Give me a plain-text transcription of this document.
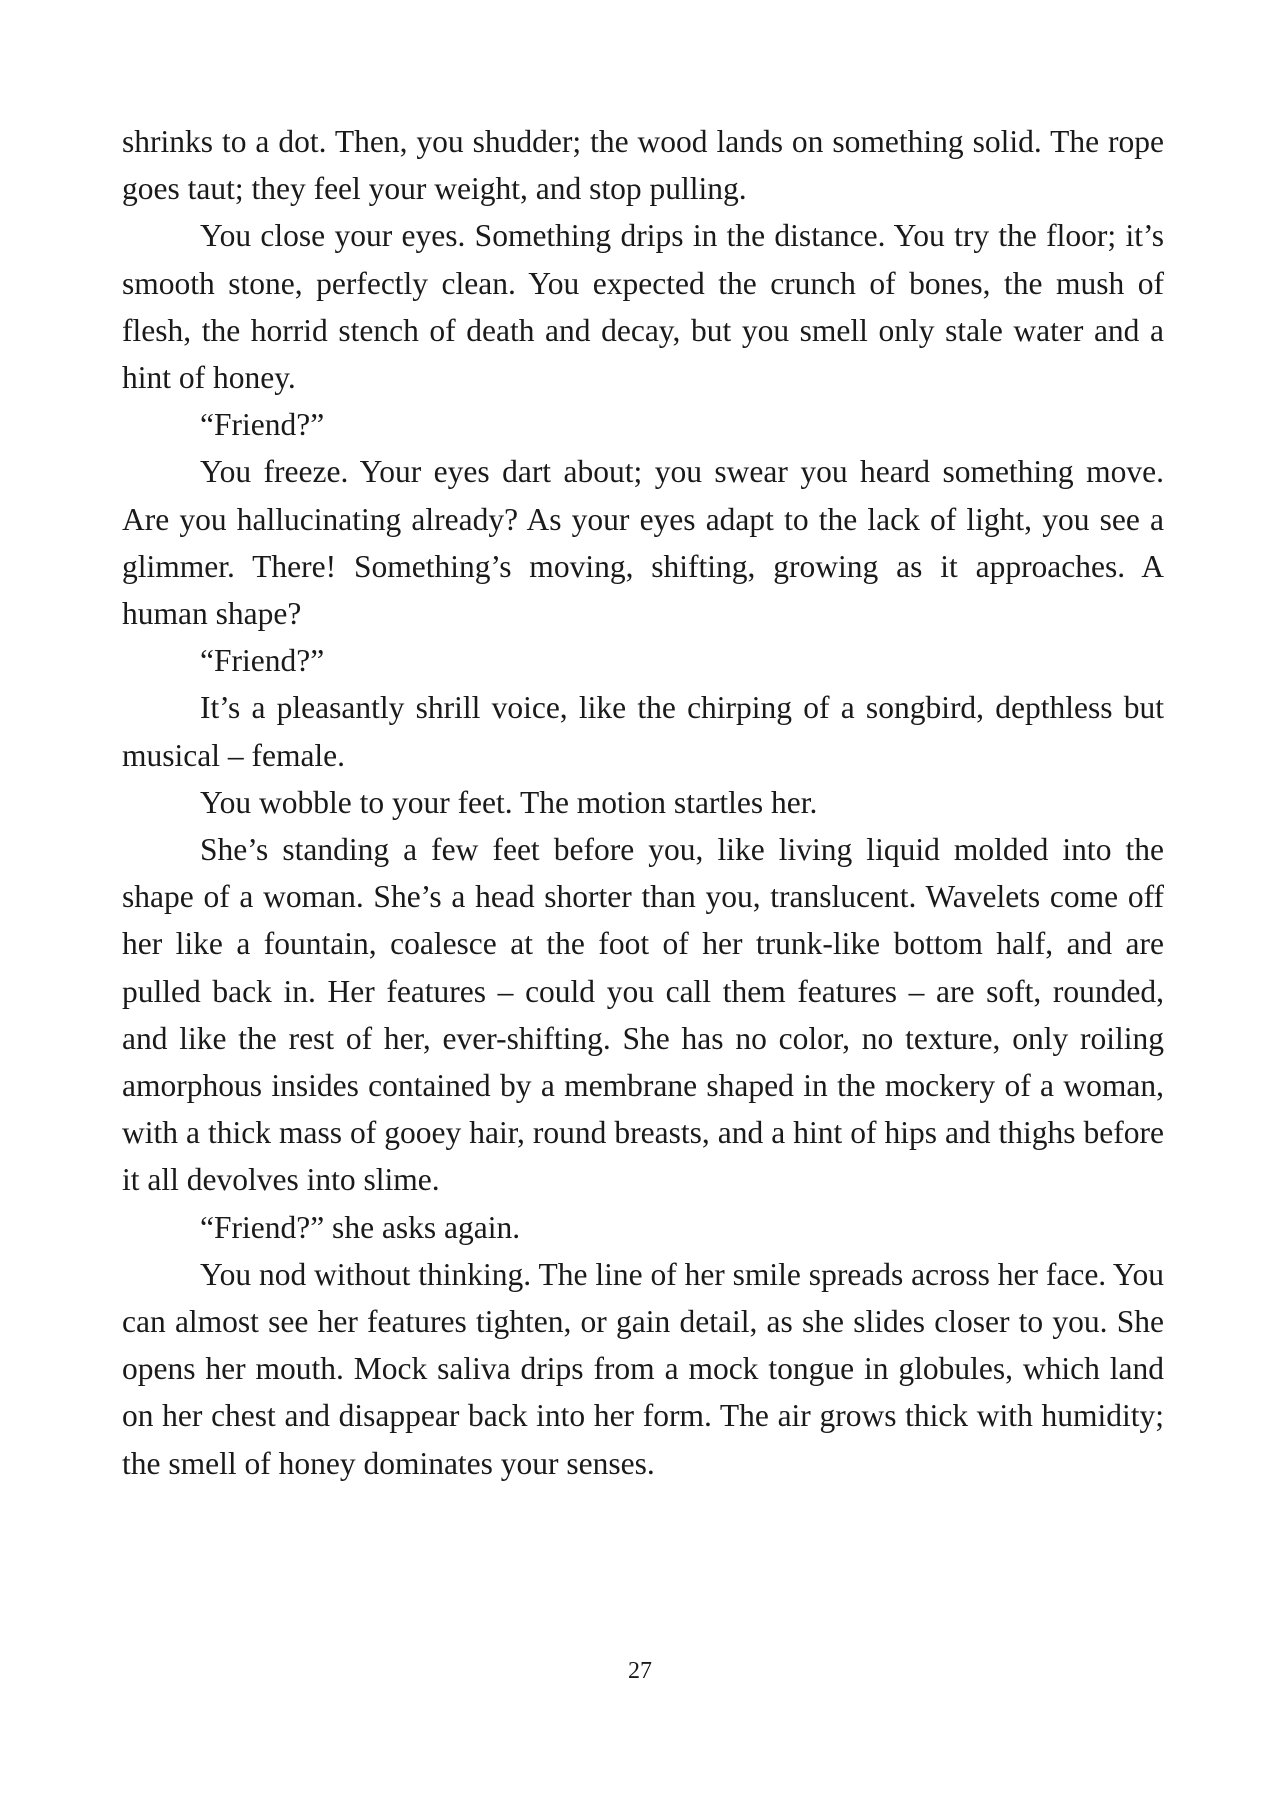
shrinks to a dot. Then, you shudder; the wood lands on something solid. The rope goes taut; they feel your weight, and stop pulling.

You close your eyes. Something drips in the distance. You try the floor; it’s smooth stone, perfectly clean. You expected the crunch of bones, the mush of flesh, the horrid stench of death and decay, but you smell only stale water and a hint of honey.

“Friend?”

You freeze. Your eyes dart about; you swear you heard something move. Are you hallucinating already? As your eyes adapt to the lack of light, you see a glimmer. There! Something’s moving, shifting, growing as it approaches. A human shape?

“Friend?”

It’s a pleasantly shrill voice, like the chirping of a songbird, depthless but musical – female.

You wobble to your feet. The motion startles her.

She’s standing a few feet before you, like living liquid molded into the shape of a woman. She’s a head shorter than you, translucent. Wavelets come off her like a fountain, coalesce at the foot of her trunk-like bottom half, and are pulled back in. Her features – could you call them features – are soft, rounded, and like the rest of her, ever-shifting. She has no color, no texture, only roiling amorphous insides contained by a membrane shaped in the mockery of a woman, with a thick mass of gooey hair, round breasts, and a hint of hips and thighs before it all devolves into slime.

“Friend?” she asks again.

You nod without thinking. The line of her smile spreads across her face. You can almost see her features tighten, or gain detail, as she slides closer to you. She opens her mouth. Mock saliva drips from a mock tongue in globules, which land on her chest and disappear back into her form. The air grows thick with humidity; the smell of honey dominates your senses.

27
